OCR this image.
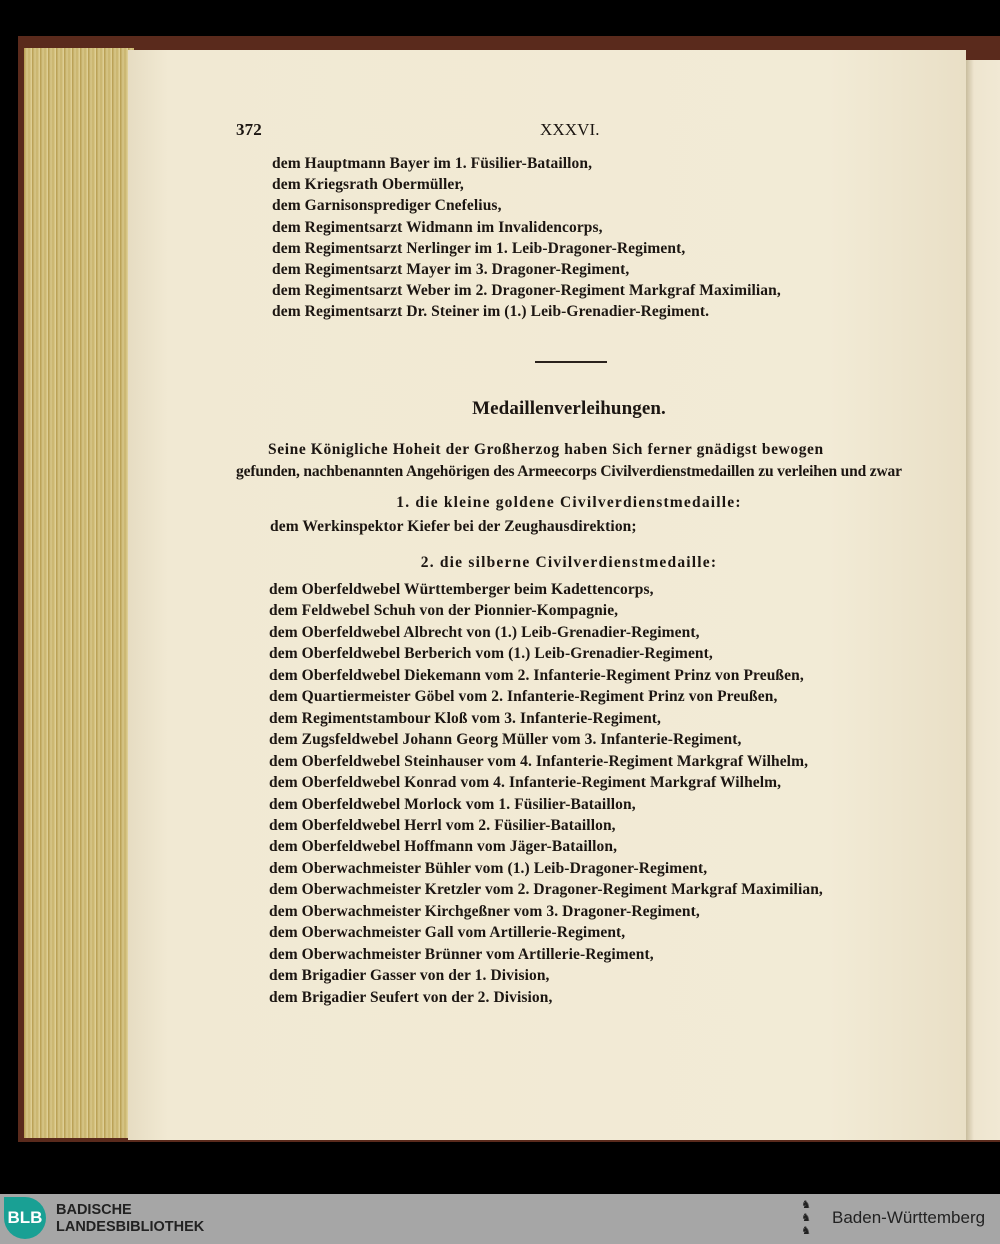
372	XXXVI.
dem Hauptmann Bayer im 1. Füsilier-Bataillon,
dem Kriegsrath Obermüller,
dem Garnisonsprediger Cnefelius,
dem Regimentsarzt Widmann im Invalidencorps,
dem Regimentsarzt Nerlinger im 1. Leib-Dragoner-Regiment,
dem Regimentsarzt Mayer im 3. Dragoner-Regiment,
dem Regimentsarzt Weber im 2. Dragoner-Regiment Markgraf Maximilian,
dem Regimentsarzt Dr. Steiner im (1.) Leib-Grenadier-Regiment.
Medaillenverleihungen.
Seine Königliche Hoheit der Großherzog haben Sich ferner gnädigst bewogen
gefunden, nachbenannten Angehörigen des Armeecorps Civilverdienstmedaillen zu verleihen und zwar
1. die kleine goldene Civilverdienstmedaille:
dem Werkinspektor Kiefer bei der Zeughausdirektion;
2. die silberne Civilverdienstmedaille:
dem Oberfeldwebel Württemberger beim Kadettencorps,
dem Feldwebel Schuh von der Pionnier-Kompagnie,
dem Oberfeldwebel Albrecht von (1.) Leib-Grenadier-Regiment,
dem Oberfeldwebel Berberich vom (1.) Leib-Grenadier-Regiment,
dem Oberfeldwebel Diekemann vom 2. Infanterie-Regiment Prinz von Preußen,
dem Quartiermeister Göbel vom 2. Infanterie-Regiment Prinz von Preußen,
dem Regimentstambour Kloß vom 3. Infanterie-Regiment,
dem Zugsfeldwebel Johann Georg Müller vom 3. Infanterie-Regiment,
dem Oberfeldwebel Steinhauser vom 4. Infanterie-Regiment Markgraf Wilhelm,
dem Oberfeldwebel Konrad vom 4. Infanterie-Regiment Markgraf Wilhelm,
dem Oberfeldwebel Morlock vom 1. Füsilier-Bataillon,
dem Oberfeldwebel Herrl vom 2. Füsilier-Bataillon,
dem Oberfeldwebel Hoffmann vom Jäger-Bataillon,
dem Oberwachmeister Bühler vom (1.) Leib-Dragoner-Regiment,
dem Oberwachmeister Kretzler vom 2. Dragoner-Regiment Markgraf Maximilian,
dem Oberwachmeister Kirchgeßner vom 3. Dragoner-Regiment,
dem Oberwachmeister Gall vom Artillerie-Regiment,
dem Oberwachmeister Brünner vom Artillerie-Regiment,
dem Brigadier Gasser von der 1. Division,
dem Brigadier Seufert von der 2. Division,
BLB BADISCHE
LANDESBIBLIOTHEK
♞
♞
♞
Baden-Württemberg
